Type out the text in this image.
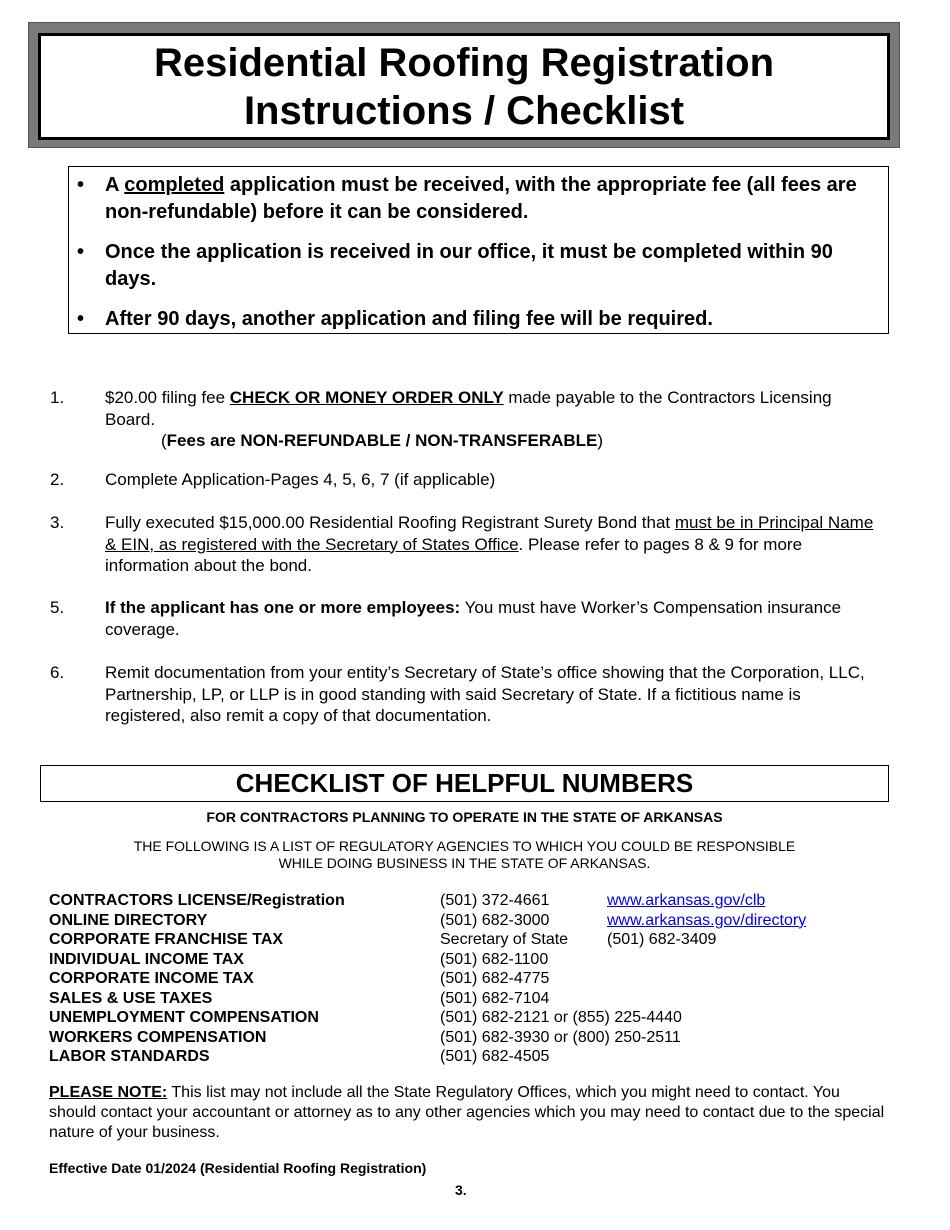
Residential Roofing Registration
Instructions / Checklist
• A completed application must be received, with the appropriate fee (all fees are non-refundable) before it can be considered.
• Once the application is received in our office, it must be completed within 90 days.
• After 90 days, another application and filing fee will be required.
1. $20.00 filing fee CHECK OR MONEY ORDER ONLY made payable to the Contractors Licensing Board.
(Fees are NON-REFUNDABLE / NON-TRANSFERABLE)
2. Complete Application-Pages 4, 5, 6, 7 (if applicable)
3. Fully executed $15,000.00 Residential Roofing Registrant Surety Bond that must be in Principal Name & EIN, as registered with the Secretary of States Office. Please refer to pages 8 & 9 for more information about the bond.
5. If the applicant has one or more employees: You must have Worker’s Compensation insurance coverage.
6. Remit documentation from your entity’s Secretary of State’s office showing that the Corporation, LLC, Partnership, LP, or LLP is in good standing with said Secretary of State. If a fictitious name is registered, also remit a copy of that documentation.
CHECKLIST OF HELPFUL NUMBERS
FOR CONTRACTORS PLANNING TO OPERATE IN THE STATE OF ARKANSAS
THE FOLLOWING IS A LIST OF REGULATORY AGENCIES TO WHICH YOU COULD BE RESPONSIBLE
WHILE DOING BUSINESS IN THE STATE OF ARKANSAS.
CONTRACTORS LICENSE/Registration	(501) 372-4661	www.arkansas.gov/clb
ONLINE DIRECTORY	(501) 682-3000	www.arkansas.gov/directory
CORPORATE FRANCHISE TAX	Secretary of State (501) 682-3409
INDIVIDUAL INCOME TAX	(501) 682-1100
CORPORATE INCOME TAX	(501) 682-4775
SALES & USE TAXES	(501) 682-7104
UNEMPLOYMENT COMPENSATION	(501) 682-2121 or (855) 225-4440
WORKERS COMPENSATION	(501) 682-3930 or (800) 250-2511
LABOR STANDARDS	(501) 682-4505
PLEASE NOTE: This list may not include all the State Regulatory Offices, which you might need to contact. You should contact your accountant or attorney as to any other agencies which you may need to contact due to the special nature of your business.
Effective Date 01/2024 (Residential Roofing Registration)
3.
